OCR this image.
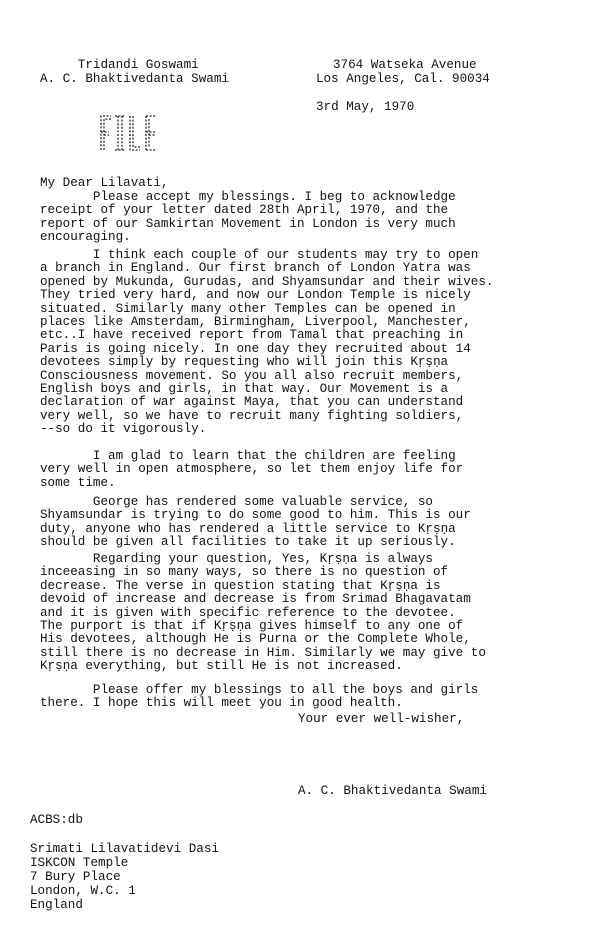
Tridandi Goswami
A. C. Bhaktivedanta Swami
3764 Watseka Avenue
Los Angeles, Cal. 90034
3rd May, 1970
My Dear Lilavati,
Please accept my blessings. I beg to acknowledge
receipt of your letter dated 28th April, 1970, and the
report of our Samkirtan Movement in London is very much
encouraging.
I think each couple of our students may try to open
a branch in England. Our first branch of London Yatra was
opened by Mukunda, Gurudas, and Shyamsundar and their wives.
They tried very hard, and now our London Temple is nicely
situated. Similarly many other Temples can be opened in
places like Amsterdam, Birmingham, Liverpool, Manchester,
etc..I have received report from Tamal that preaching in
Paris is going nicely. In one day they recruited about 14
devotees simply by requesting who will join this Kṛṣṇa
Consciousness movement. So you all also recruit members,
English boys and girls, in that way. Our Movement is a
declaration of war against Maya, that you can understand
very well, so we have to recruit many fighting soldiers,
--so do it vigorously.
I am glad to learn that the children are feeling
very well in open atmosphere, so let them enjoy life for
some time.
George has rendered some valuable service, so
Shyamsundar is trying to do some good to him. This is our
duty, anyone who has rendered a little service to Kṛṣṇa
should be given all facilities to take it up seriously.
Regarding your question, Yes, Kṛṣṇa is always
inceeasing in so many ways, so there is no question of
decrease. The verse in question stating that Kṛṣṇa is
devoid of increase and decrease is from Srimad Bhagavatam
and it is given with specific reference to the devotee.
The purport is that if Kṛṣṇa gives himself to any one of
His devotees, although He is Purna or the Complete Whole,
still there is no decrease in Him. Similarly we may give to
Kṛṣṇa everything, but still He is not increased.
Please offer my blessings to all the boys and girls
there. I hope this will meet you in good health.
Your ever well-wisher,
A. C. Bhaktivedanta Swami
ACBS:db
Srimati Lilavatidevi Dasi
ISKCON Temple
7 Bury Place
London, W.C. 1
England
